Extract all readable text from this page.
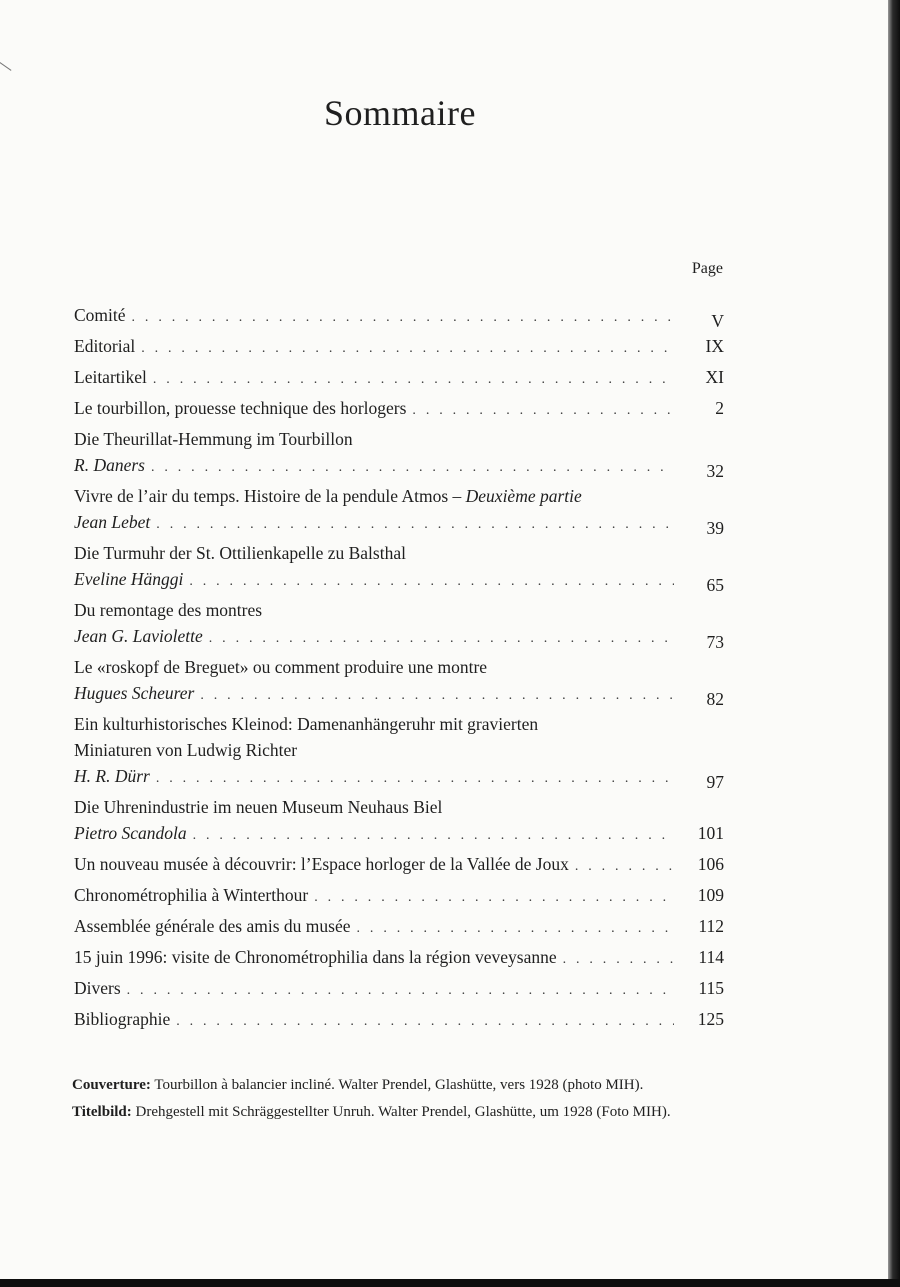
Sommaire
Page
Comité . . .	V
Editorial . . .	IX
Leitartikel . . .	XI
Le tourbillon, prouesse technique des horlogers . . .	2
Die Theurillat-Hemmung im Tourbillon
R. Daners . . .	32
Vivre de l’air du temps. Histoire de la pendule Atmos – Deuxième partie
Jean Lebet . . .	39
Die Turmuhr der St. Ottilienkapelle zu Balsthal
Eveline Hänggi . . .	65
Du remontage des montres
Jean G. Laviolette . . .	73
Le «roskopf de Breguet» ou comment produire une montre
Hugues Scheurer . . .	82
Ein kulturhistorisches Kleinod: Damenanhängeruhr mit gravierten
Miniaturen von Ludwig Richter
H. R. Dürr . . .	97
Die Uhrenindustrie im neuen Museum Neuhaus Biel
Pietro Scandola . . .	101
Un nouveau musée à découvrir: l’Espace horloger de la Vallée de Joux . . .	106
Chronométrophilia à Winterthour . . .	109
Assemblée générale des amis du musée . . .	112
15 juin 1996: visite de Chronométrophilia dans la région veveysanne . . .	114
Divers . . .	115
Bibliographie . . .	125

Couverture: Tourbillon à balancier incliné. Walter Prendel, Glashütte, vers 1928 (photo MIH).

Titelbild: Drehgestell mit Schräggestellter Unruh. Walter Prendel, Glashütte, um 1928 (Foto MIH).
